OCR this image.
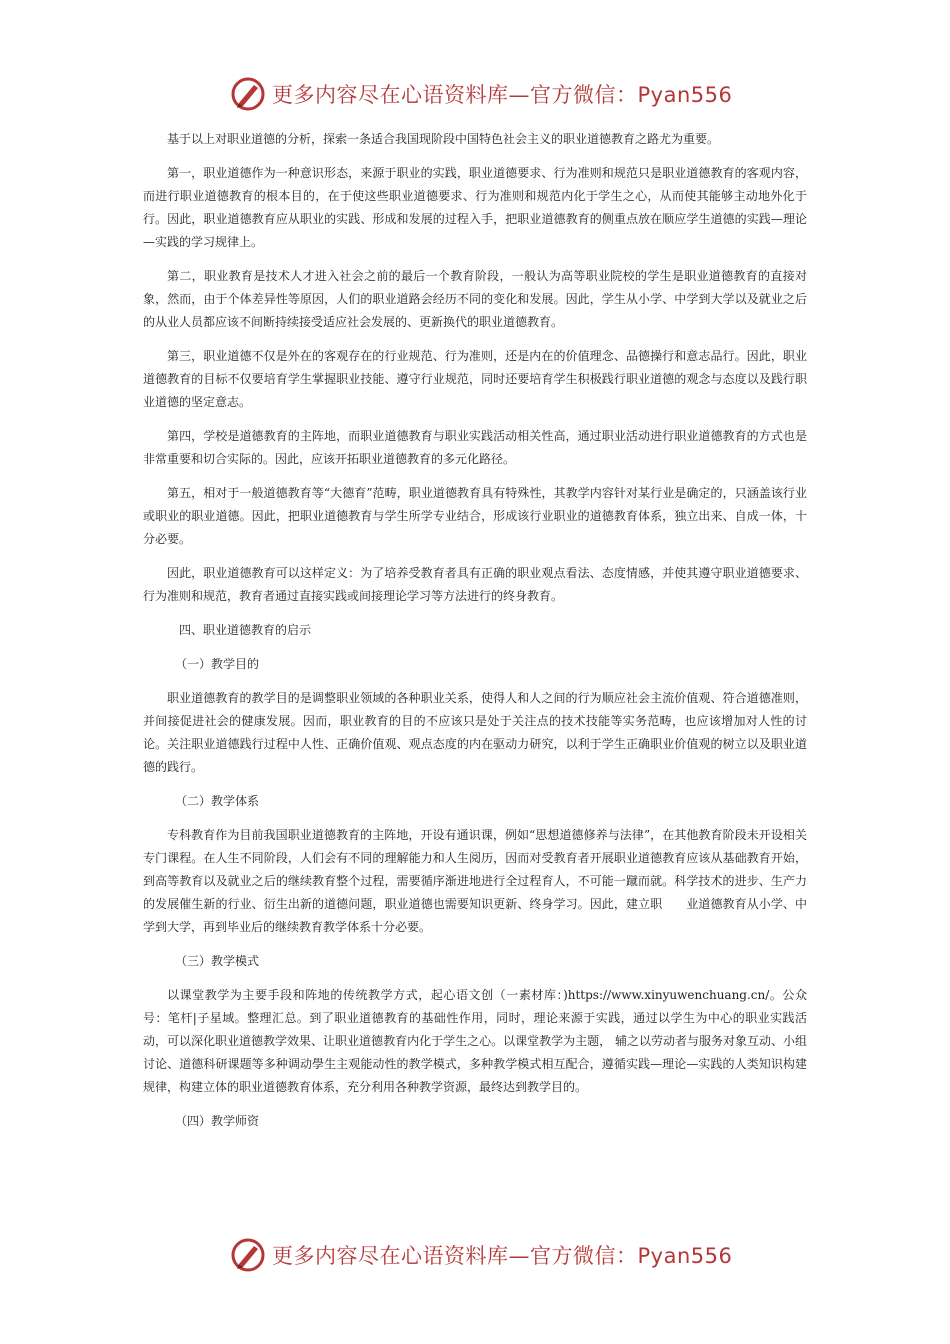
更多内容尽在心语资料库—官方微信：Pyan556

基于以上对职业道德的分析，探索一条适合我国现阶段中国特色社会主义的职业道德教育之路尤为重要。

第一，职业道德作为一种意识形态，来源于职业的实践，职业道德要求、行为准则和规范只是职业道德教育的客观内容，而进行职业道德教育的根本目的，在于使这些职业道德要求、行为准则和规范内化于学生之心，从而使其能够主动地外化于行。因此，职业道德教育应从职业的实践、形成和发展的过程入手，把职业道德教育的侧重点放在顺应学生道德的实践—理论—实践的学习规律上。

第二，职业教育是技术人才进入社会之前的最后一个教育阶段，一般认为高等职业院校的学生是职业道德教育的直接对象，然而，由于个体差异性等原因，人们的职业道路会经历不同的变化和发展。因此，学生从小学、中学到大学以及就业之后的从业人员都应该不间断持续接受适应社会发展的、更新换代的职业道德教育。

第三，职业道德不仅是外在的客观存在的行业规范、行为准则，还是内在的价值理念、品德操行和意志品行。因此，职业道德教育的目标不仅要培育学生掌握职业技能、遵守行业规范，同时还要培育学生积极践行职业道德的观念与态度以及践行职业道德的坚定意志。

第四，学校是道德教育的主阵地，而职业道德教育与职业实践活动相关性高，通过职业活动进行职业道德教育的方式也是非常重要和切合实际的。因此，应该开拓职业道德教育的多元化路径。

第五，相对于一般道德教育等“大德育”范畴，职业道德教育具有特殊性，其教学内容针对某行业是确定的，只涵盖该行业或职业的职业道德。因此，把职业道德教育与学生所学专业结合，形成该行业职业的道德教育体系，独立出来、自成一体，十分必要。

因此，职业道德教育可以这样定义：为了培养受教育者具有正确的职业观点看法、态度情感，并使其遵守职业道德要求、行为准则和规范，教育者通过直接实践或间接理论学习等方法进行的终身教育。

四、职业道德教育的启示

（一）教学目的

职业道德教育的教学目的是调整职业领域的各种职业关系，使得人和人之间的行为顺应社会主流价值观、符合道德准则，并间接促进社会的健康发展。因而，职业教育的目的不应该只是处于关注点的技术技能等实务范畴，也应该增加对人性的讨论。关注职业道德践行过程中人性、正确价值观、观点态度的内在驱动力研究，以利于学生正确职业价值观的树立以及职业道德的践行。

（二）教学体系

专科教育作为目前我国职业道德教育的主阵地，开设有通识课，例如“思想道德修养与法律”，在其他教育阶段未开设相关专门课程。在人生不同阶段，人们会有不同的理解能力和人生阅历，因而对受教育者开展职业道德教育应该从基础教育开始，到高等教育以及就业之后的继续教育整个过程，需要循序渐进地进行全过程育人，不可能一蹴而就。科学技术的进步、生产力的发展催生新的行业、衍生出新的道德问题，职业道德也需要知识更新、终身学习。因此，建立职　　业道德教育从小学、中学到大学，再到毕业后的继续教育教学体系十分必要。

（三）教学模式

以课堂教学为主要手段和阵地的传统教学方式，起心语文创（一素材库：)https://www.xinyuwenchuang.cn/。公众号：笔杆|子星域。整理汇总。到了职业道德教育的基础性作用，同时，理论来源于实践，通过以学生为中心的职业实践活动，可以深化职业道德教学效果、让职业道德教育内化于学生之心。以课堂教学为主题， 辅之以劳动者与服务对象互动、小组讨论、道德科研课题等多种调动學生主观能动性的教学模式，多种教学模式相互配合，遵循实践—理论—实践的人类知识构建规律，构建立体的职业道德教育体系，充分利用各种教学资源，最终达到教学目的。

（四）教学师资

更多内容尽在心语资料库—官方微信：Pyan556
